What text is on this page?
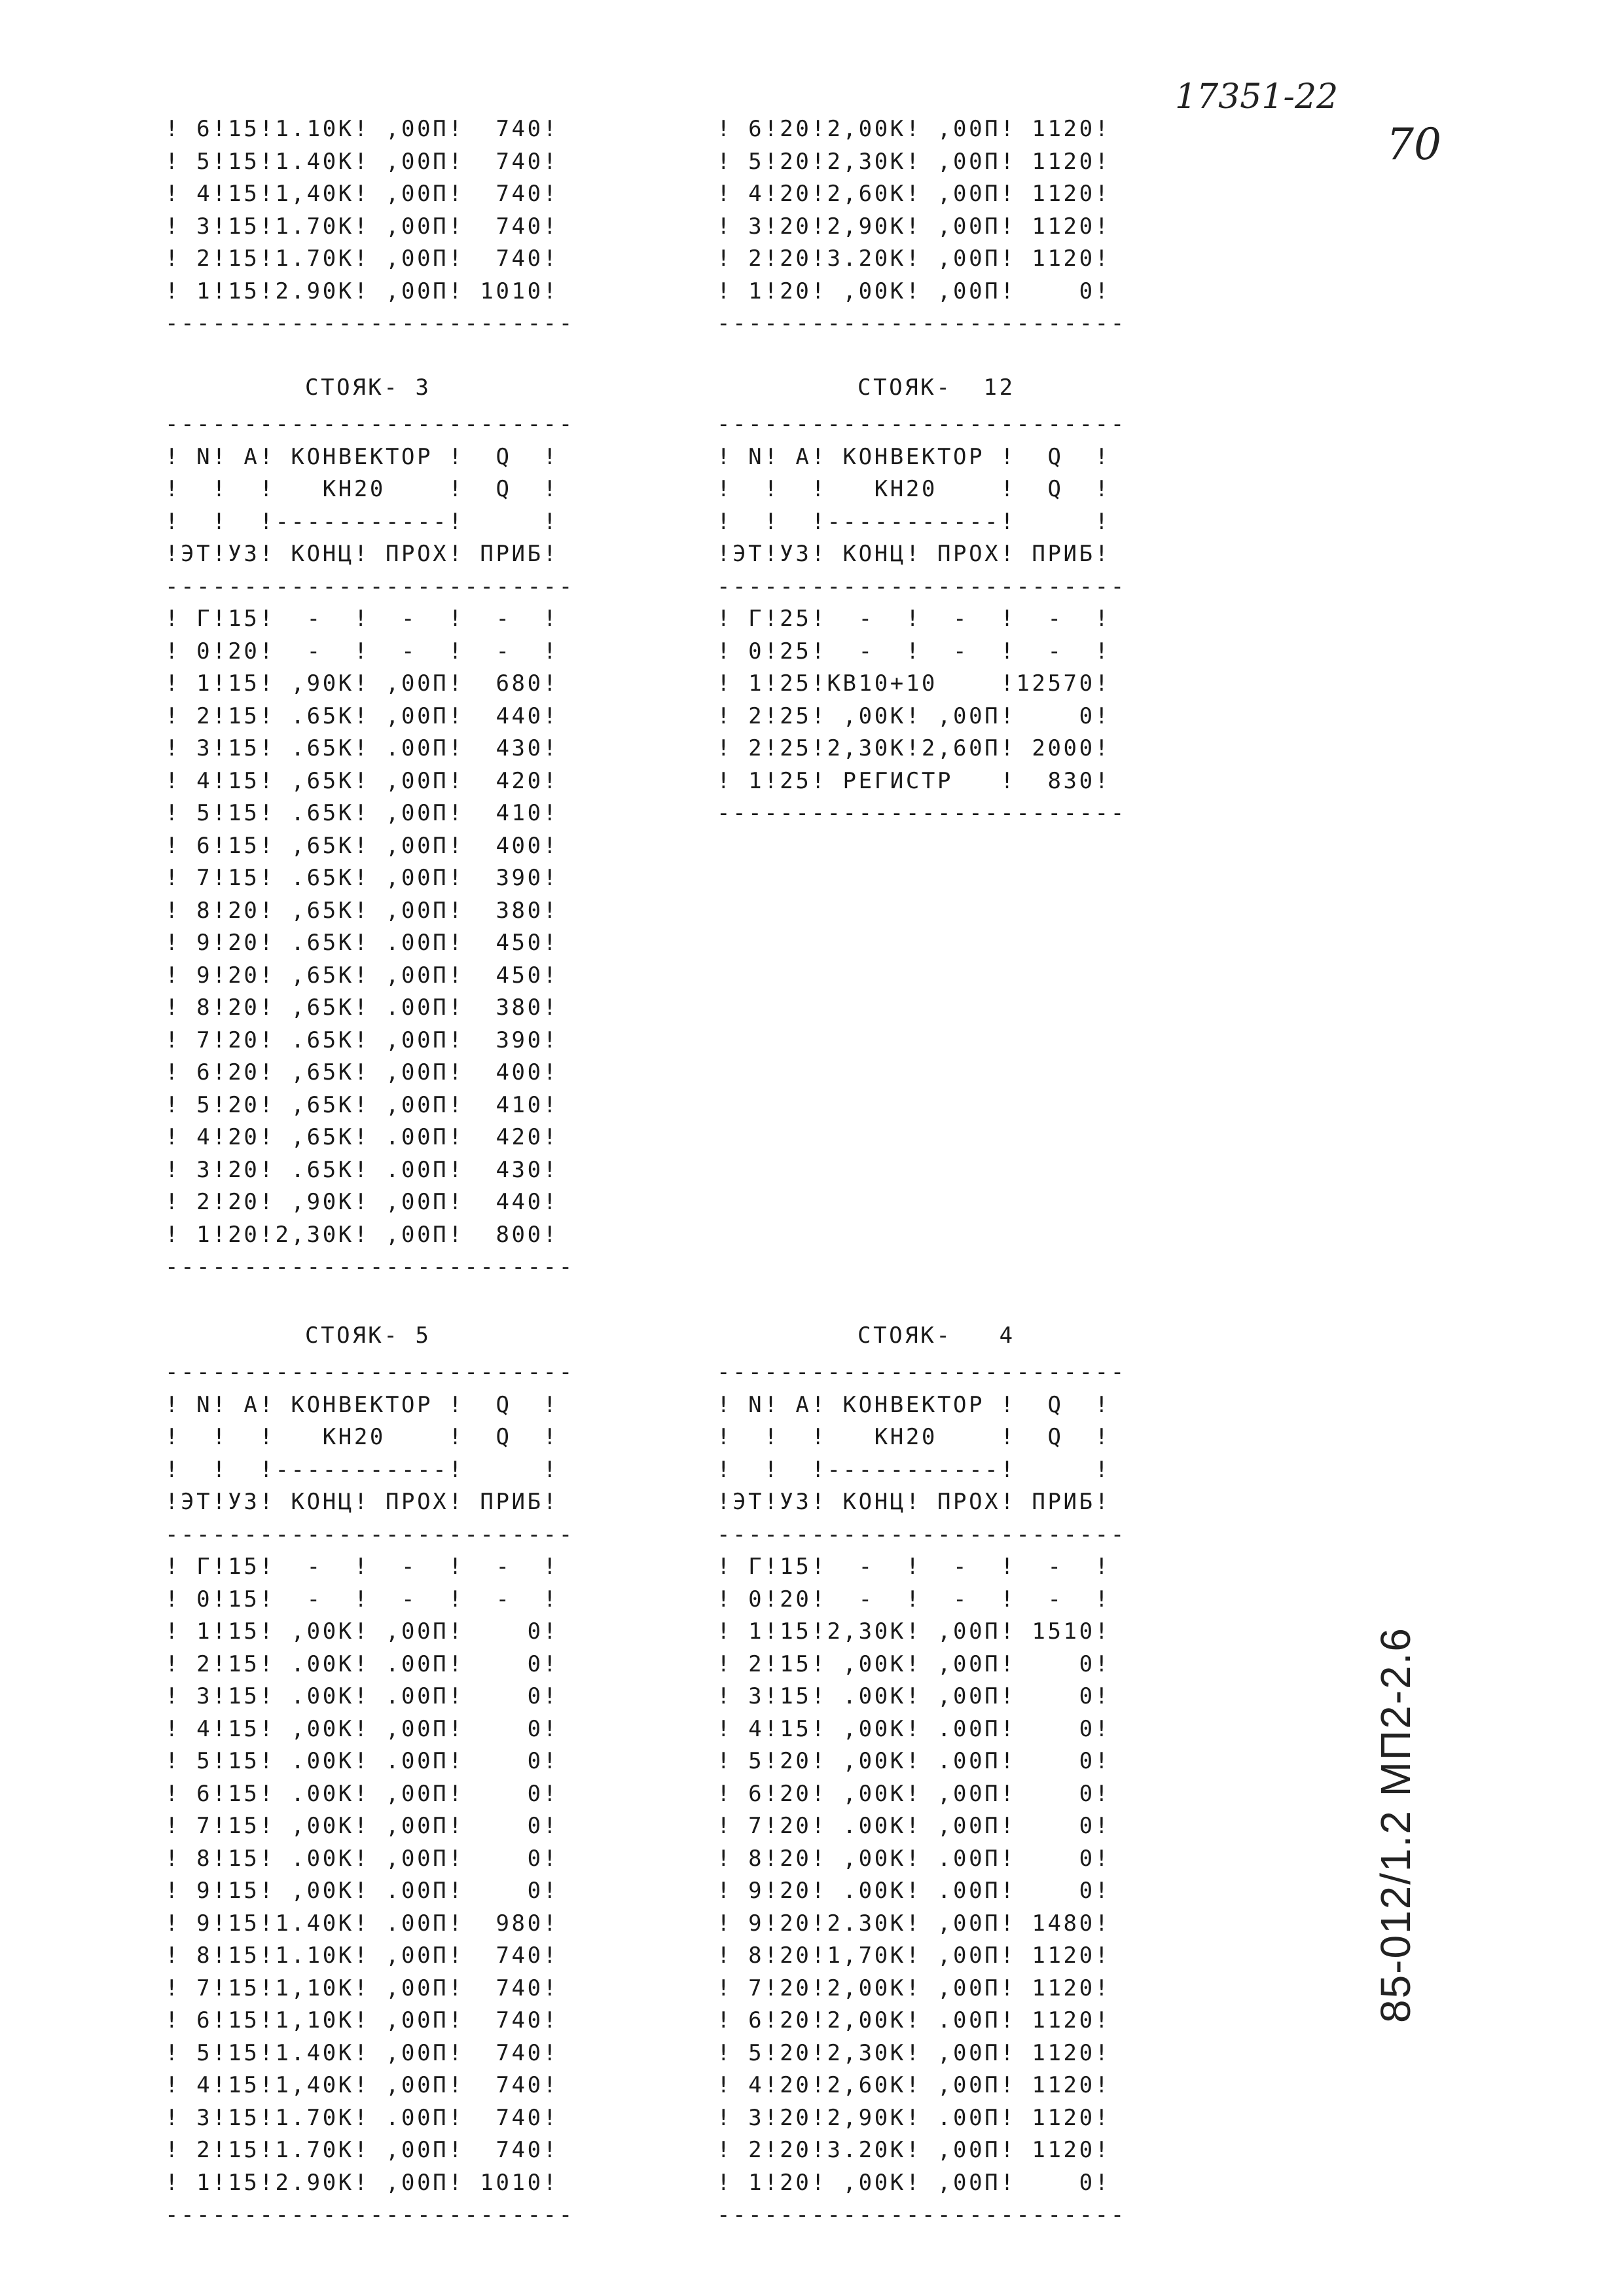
17351-22
70
85-012/1.2 МП2-2.6
! 6!15!1.10К! ,00П!  740!
! 5!15!1.40К! ,00П!  740!
! 4!15!1,40К! ,00П!  740!
! 3!15!1.70К! ,00П!  740!
! 2!15!1.70К! ,00П!  740!
! 1!15!2.90К! ,00П! 1010!
--------------------------
! 6!20!2,00К! ,00П! 1120!
! 5!20!2,30К! ,00П! 1120!
! 4!20!2,60К! ,00П! 1120!
! 3!20!2,90К! ,00П! 1120!
! 2!20!3.20К! ,00П! 1120!
! 1!20! ,00К! ,00П!    0!
--------------------------
СТОЯК- 3
--------------------------
! N! А! КОНВЕКТОР !  Q  !
!  !  !   КН20    !  Q  !
!  !  !-----------!     !
!ЭТ!УЗ! КОНЦ! ПРОХ! ПРИБ!
--------------------------
! Г!15!  -  !  -  !  -  !
! 0!20!  -  !  -  !  -  !
! 1!15! ,90К! ,00П!  680!
! 2!15! .65К! ,00П!  440!
! 3!15! .65К! .00П!  430!
! 4!15! ,65К! ,00П!  420!
! 5!15! .65К! ,00П!  410!
! 6!15! ,65К! ,00П!  400!
! 7!15! .65К! ,00П!  390!
! 8!20! ,65К! ,00П!  380!
! 9!20! .65К! .00П!  450!
! 9!20! ,65К! ,00П!  450!
! 8!20! ,65К! .00П!  380!
! 7!20! .65К! ,00П!  390!
! 6!20! ,65К! ,00П!  400!
! 5!20! ,65К! ,00П!  410!
! 4!20! ,65К! .00П!  420!
! 3!20! .65К! .00П!  430!
! 2!20! ,90К! ,00П!  440!
! 1!20!2,30К! ,00П!  800!
--------------------------
СТОЯК-  12
--------------------------
! N! А! КОНВЕКТОР !  Q  !
!  !  !   КН20    !  Q  !
!  !  !-----------!     !
!ЭТ!УЗ! КОНЦ! ПРОХ! ПРИБ!
--------------------------
! Г!25!  -  !  -  !  -  !
! 0!25!  -  !  -  !  -  !
! 1!25!КВ10+10    !12570!
! 2!25! ,00К! ,00П!    0!
! 2!25!2,30К!2,60П! 2000!
! 1!25! РЕГИСТР   !  830!
--------------------------
СТОЯК- 5
--------------------------
! N! А! КОНВЕКТОР !  Q  !
!  !  !   КН20    !  Q  !
!  !  !-----------!     !
!ЭТ!УЗ! КОНЦ! ПРОХ! ПРИБ!
--------------------------
! Г!15!  -  !  -  !  -  !
! 0!15!  -  !  -  !  -  !
! 1!15! ,00К! ,00П!    0!
! 2!15! .00К! .00П!    0!
! 3!15! .00К! .00П!    0!
! 4!15! ,00К! ,00П!    0!
! 5!15! .00К! .00П!    0!
! 6!15! .00К! ,00П!    0!
! 7!15! ,00К! ,00П!    0!
! 8!15! .00К! ,00П!    0!
! 9!15! ,00К! .00П!    0!
! 9!15!1.40К! .00П!  980!
! 8!15!1.10К! ,00П!  740!
! 7!15!1,10К! ,00П!  740!
! 6!15!1,10К! ,00П!  740!
! 5!15!1.40К! ,00П!  740!
! 4!15!1,40К! ,00П!  740!
! 3!15!1.70К! .00П!  740!
! 2!15!1.70К! ,00П!  740!
! 1!15!2.90К! ,00П! 1010!
--------------------------
СТОЯК-   4
--------------------------
! N! А! КОНВЕКТОР !  Q  !
!  !  !   КН20    !  Q  !
!  !  !-----------!     !
!ЭТ!УЗ! КОНЦ! ПРОХ! ПРИБ!
--------------------------
! Г!15!  -  !  -  !  -  !
! 0!20!  -  !  -  !  -  !
! 1!15!2,30К! ,00П! 1510!
! 2!15! ,00К! ,00П!    0!
! 3!15! .00К! ,00П!    0!
! 4!15! ,00К! .00П!    0!
! 5!20! ,00К! .00П!    0!
! 6!20! ,00К! ,00П!    0!
! 7!20! .00К! ,00П!    0!
! 8!20! ,00К! .00П!    0!
! 9!20! .00К! .00П!    0!
! 9!20!2.30К! ,00П! 1480!
! 8!20!1,70К! ,00П! 1120!
! 7!20!2,00К! ,00П! 1120!
! 6!20!2,00К! .00П! 1120!
! 5!20!2,30К! ,00П! 1120!
! 4!20!2,60К! ,00П! 1120!
! 3!20!2,90К! .00П! 1120!
! 2!20!3.20К! ,00П! 1120!
! 1!20! ,00К! ,00П!    0!
--------------------------
